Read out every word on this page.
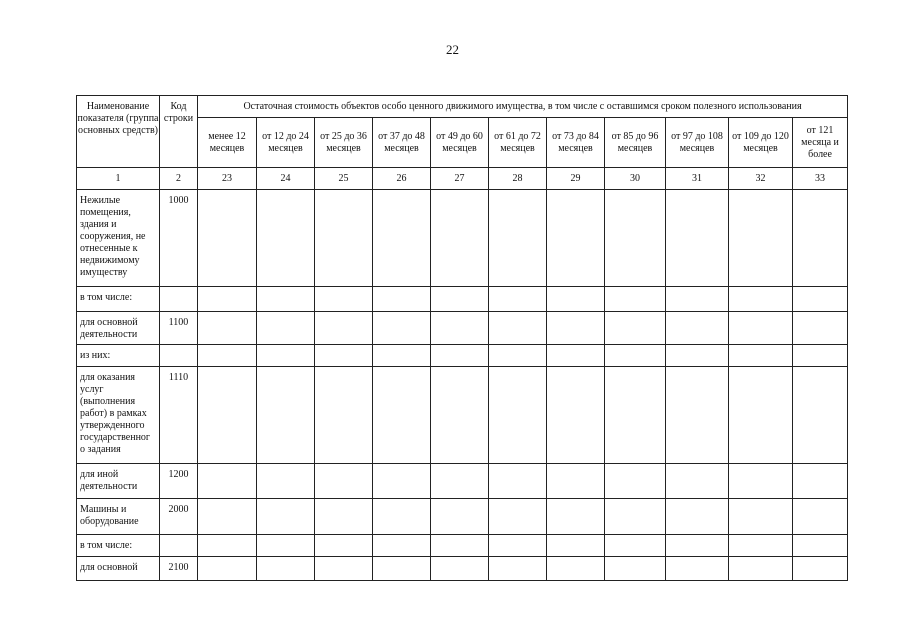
22
Наименование показателя (группа основных средств)	Код строки	Остаточная стоимость объектов особо ценного движимого имущества, в том числе с оставшимся сроком полезного использования										
		менее 12 месяцев	от 12 до 24 месяцев	от 25 до 36 месяцев	от 37 до 48 месяцев	от 49 до 60 месяцев	от 61 до 72 месяцев	от 73 до 84 месяцев	от 85 до 96 месяцев	от 97 до 108 месяцев	от 109 до 120 месяцев	от 121 месяца и более
1	2	23	24	25	26	27	28	29	30	31	32	33
Нежилые помещения, здания и сооружения, не отнесенные к недвижимому имуществу	1000											
в том числе:												
для основной деятельности	1100											
из них:												
для оказания услуг (выполнения работ) в рамках утвержденного государственног о задания	1110											
для иной деятельности	1200											
Машины и оборудование	2000											
в том числе:												
для основной	2100											
